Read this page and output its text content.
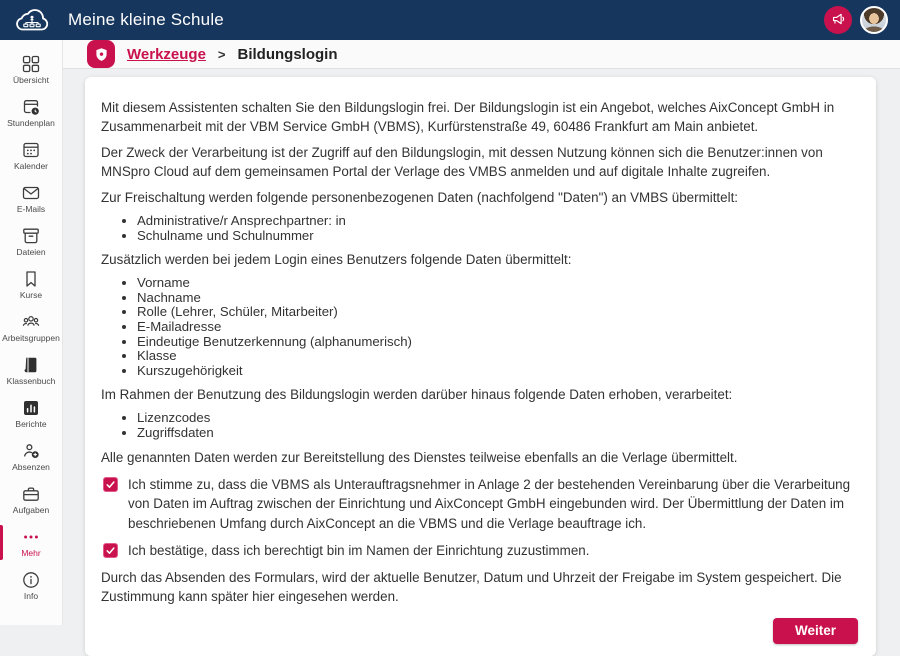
Meine kleine Schule
Übersicht
Stundenplan
Kalender
E-Mails
Dateien
Kurse
Arbeitsgruppen
Klassenbuch
Berichte
Absenzen
Aufgaben
Mehr
Info
Werkzeuge > Bildungslogin

Mit diesem Assistenten schalten Sie den Bildungslogin frei. Der Bildungslogin ist ein Angebot, welches AixConcept GmbH in Zusammenarbeit mit der VBM Service GmbH (VBMS), Kurfürstenstraße 49, 60486 Frankfurt am Main anbietet.

Der Zweck der Verarbeitung ist der Zugriff auf den Bildungslogin, mit dessen Nutzung können sich die Benutzer:innen von MNSpro Cloud auf dem gemeinsamen Portal der Verlage des VMBS anmelden und auf digitale Inhalte zugreifen.

Zur Freischaltung werden folgende personenbezogenen Daten (nachfolgend "Daten") an VMBS übermittelt:

• Administrative/r Ansprechpartner: in
• Schulname und Schulnummer

Zusätzlich werden bei jedem Login eines Benutzers folgende Daten übermittelt:

• Vorname
• Nachname
• Rolle (Lehrer, Schüler, Mitarbeiter)
• E-Mailadresse
• Eindeutige Benutzerkennung (alphanumerisch)
• Klasse
• Kurszugehörigkeit

Im Rahmen der Benutzung des Bildungslogin werden darüber hinaus folgende Daten erhoben, verarbeitet:

• Lizenzcodes
• Zugriffsdaten

Alle genannten Daten werden zur Bereitstellung des Dienstes teilweise ebenfalls an die Verlage übermittelt.

Ich stimme zu, dass die VBMS als Unterauftragsnehmer in Anlage 2 der bestehenden Vereinbarung über die Verarbeitung von Daten im Auftrag zwischen der Einrichtung und AixConcept GmbH eingebunden wird. Der Übermittlung der Daten im beschriebenen Umfang durch AixConcept an die VBMS und die Verlage beauftrage ich.
Ich bestätige, dass ich berechtigt bin im Namen der Einrichtung zuzustimmen.

Durch das Absenden des Formulars, wird der aktuelle Benutzer, Datum und Uhrzeit der Freigabe im System gespeichert. Die Zustimmung kann später hier eingesehen werden.

Weiter
